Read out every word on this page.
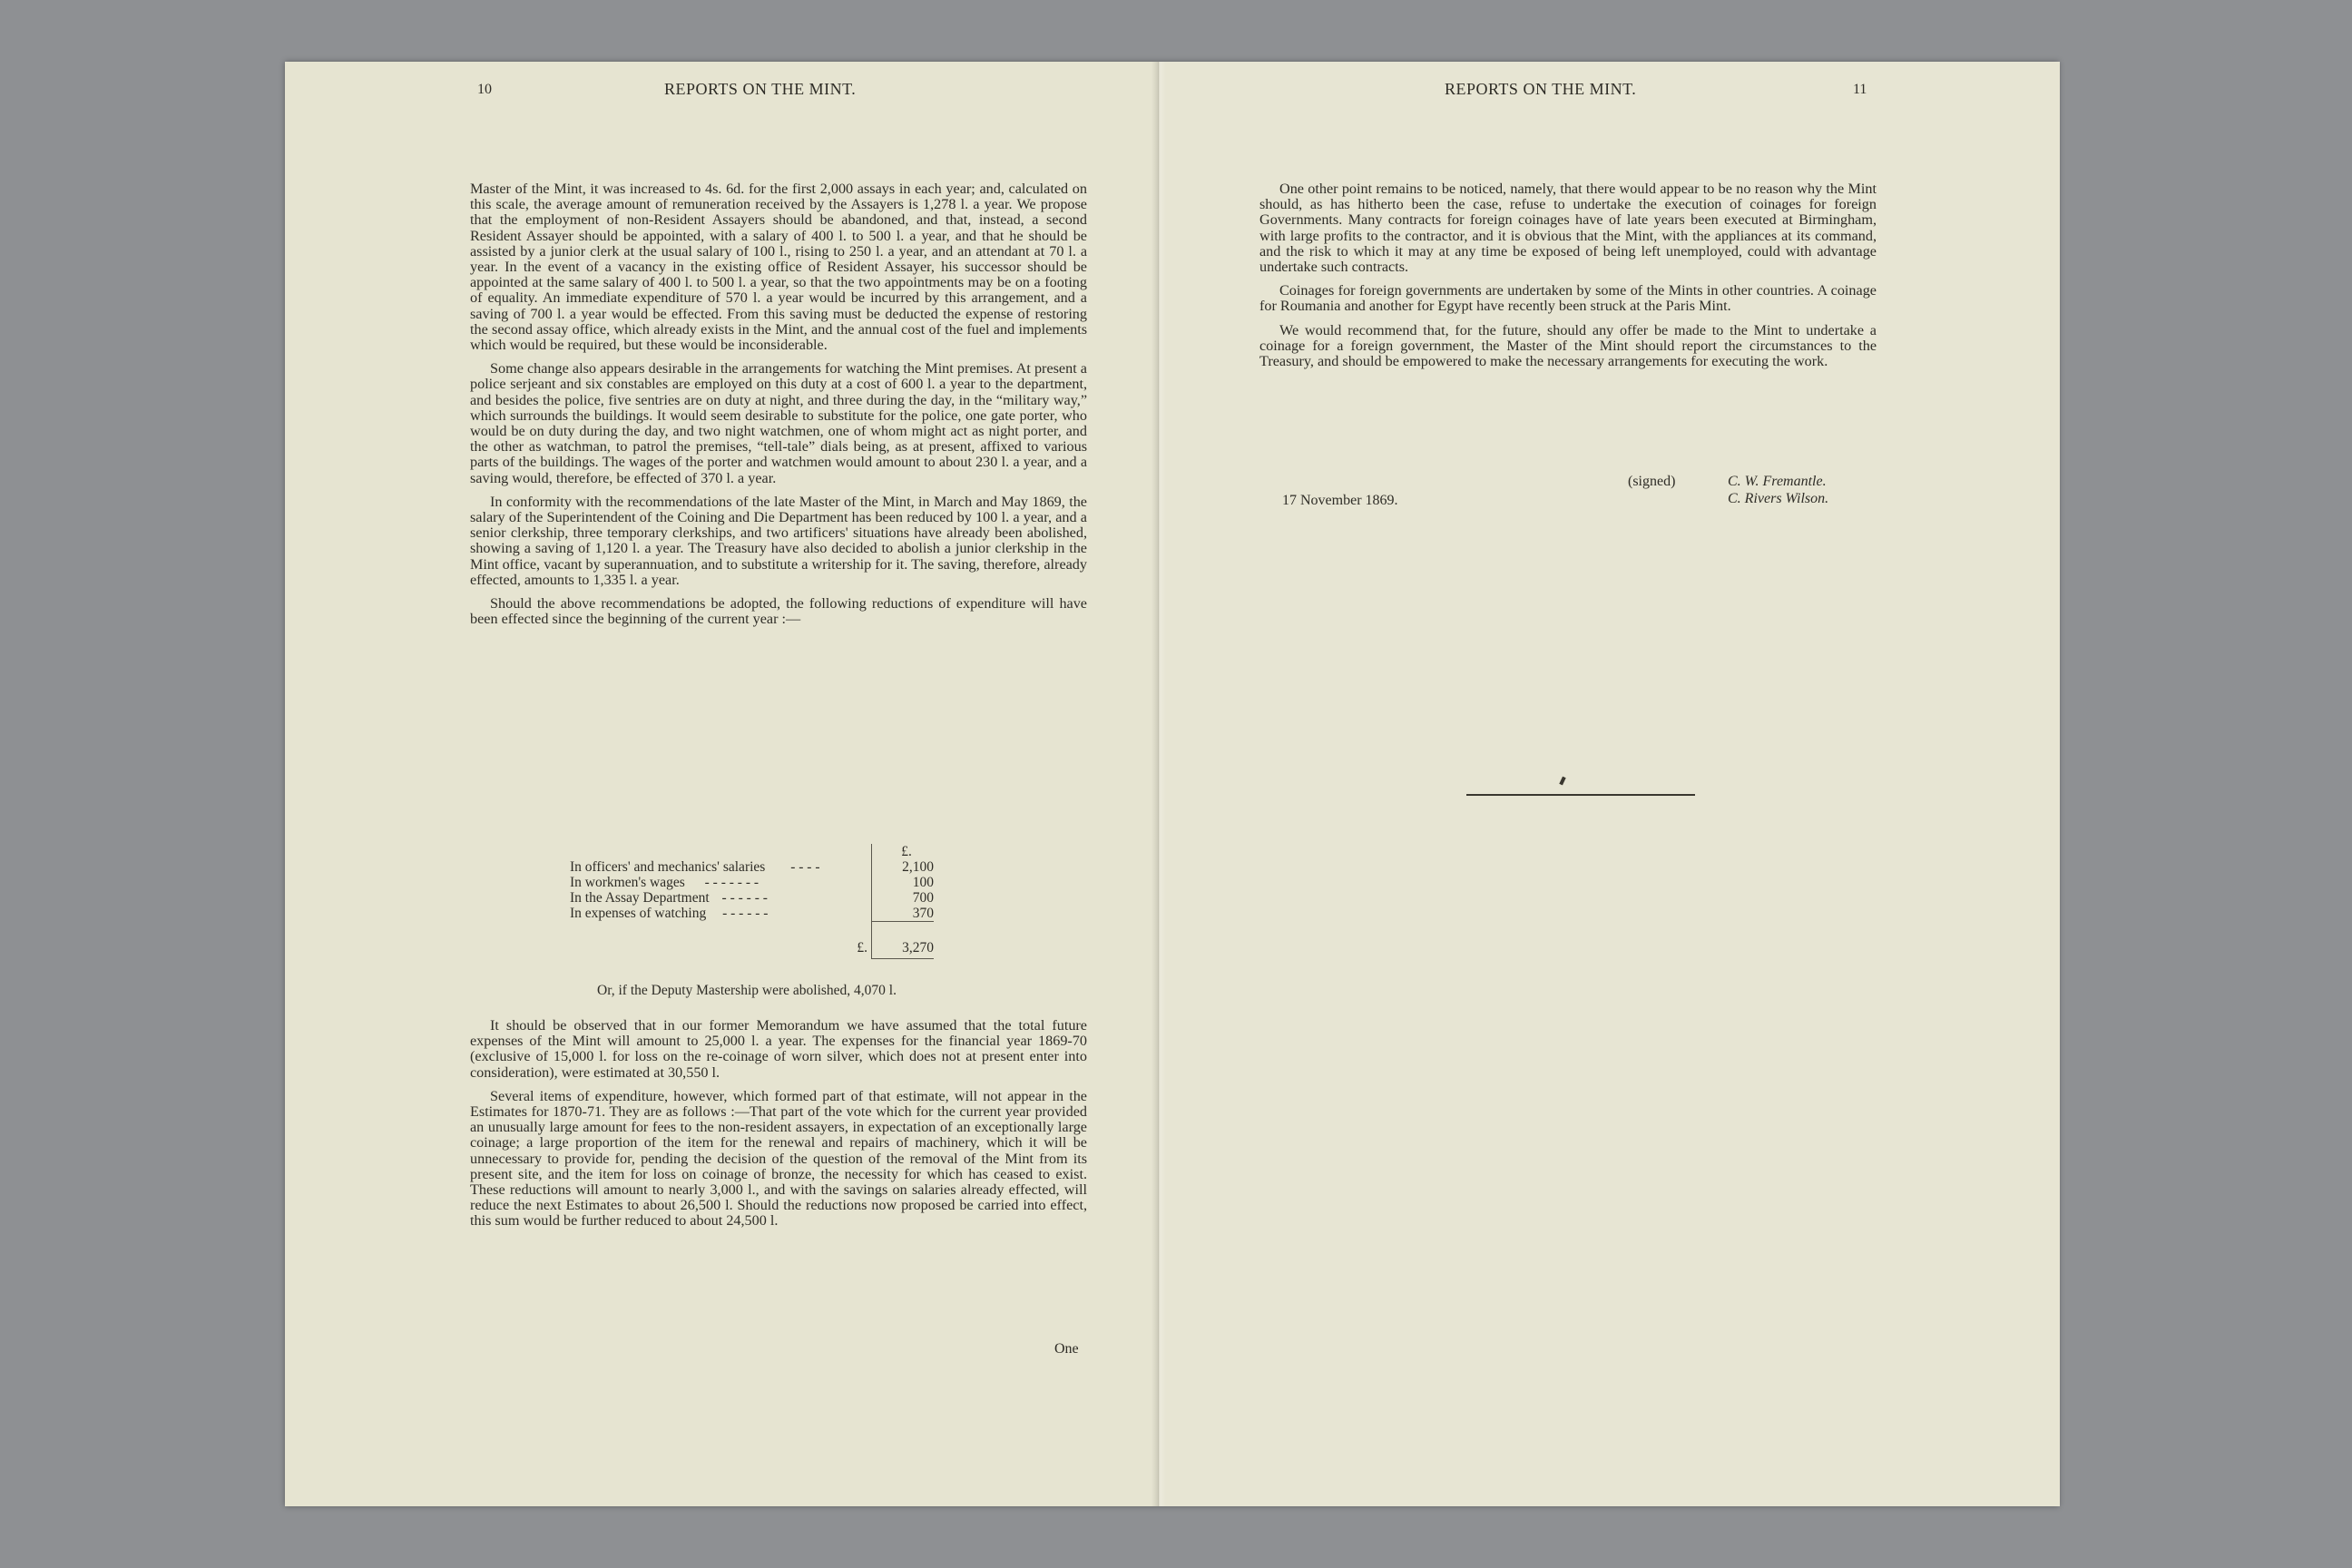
10	REPORTS ON THE MINT.

Master of the Mint, it was increased to 4s. 6d. for the first 2,000 assays in each year; and, calculated on this scale, the average amount of remuneration received by the Assayers is 1,278 l. a year. We propose that the employment of non-Resident Assayers should be abandoned, and that, instead, a second Resident Assayer should be appointed, with a salary of 400 l. to 500 l. a year, and that he should be assisted by a junior clerk at the usual salary of 100 l., rising to 250 l. a year, and an attendant at 70 l. a year. In the event of a vacancy in the existing office of Resident Assayer, his successor should be appointed at the same salary of 400 l. to 500 l. a year, so that the two appointments may be on a footing of equality. An immediate expenditure of 570 l. a year would be incurred by this arrangement, and a saving of 700 l. a year would be effected. From this saving must be deducted the expense of restoring the second assay office, which already exists in the Mint, and the annual cost of the fuel and implements which would be required, but these would be inconsiderable.

Some change also appears desirable in the arrangements for watching the Mint premises. At present a police serjeant and six constables are employed on this duty at a cost of 600 l. a year to the department, and besides the police, five sentries are on duty at night, and three during the day, in the “military way,” which surrounds the buildings. It would seem desirable to substitute for the police, one gate porter, who would be on duty during the day, and two night watchmen, one of whom might act as night porter, and the other as watchman, to patrol the premises, “tell-tale” dials being, as at present, affixed to various parts of the buildings. The wages of the porter and watchmen would amount to about 230 l. a year, and a saving would, therefore, be effected of 370 l. a year.

In conformity with the recommendations of the late Master of the Mint, in March and May 1869, the salary of the Superintendent of the Coining and Die Department has been reduced by 100 l. a year, and a senior clerkship, three temporary clerkships, and two artificers' situations have already been abolished, showing a saving of 1,120 l. a year. The Treasury have also decided to abolish a junior clerkship in the Mint office, vacant by superannuation, and to substitute a writership for it. The saving, therefore, already effected, amounts to 1,335 l. a year.

Should the above recommendations be adopted, the following reductions of expenditure will have been effected since the beginning of the current year :—

		£.
In officers' and mechanics' salaries - - - -		2,100
In workmen's wages - - - - - - -		100
In the Assay Department - - - - - -		700
In expenses of watching - - - - - -		370
	£.	3,270
Or, if the Deputy Mastership were abolished, 4,070 l.

It should be observed that in our former Memorandum we have assumed that the total future expenses of the Mint will amount to 25,000 l. a year. The expenses for the financial year 1869-70 (exclusive of 15,000 l. for loss on the re-coinage of worn silver, which does not at present enter into consideration), were estimated at 30,550 l.

Several items of expenditure, however, which formed part of that estimate, will not appear in the Estimates for 1870-71. They are as follows :—That part of the vote which for the current year provided an unusually large amount for fees to the non-resident assayers, in expectation of an exceptionally large coinage; a large proportion of the item for the renewal and repairs of machinery, which it will be unnecessary to provide for, pending the decision of the question of the removal of the Mint from its present site, and the item for loss on coinage of bronze, the necessity for which has ceased to exist. These reductions will amount to nearly 3,000 l., and with the savings on salaries already effected, will reduce the next Estimates to about 26,500 l. Should the reductions now proposed be carried into effect, this sum would be further reduced to about 24,500 l.

One
REPORTS ON THE MINT.	11

One other point remains to be noticed, namely, that there would appear to be no reason why the Mint should, as has hitherto been the case, refuse to undertake the execution of coinages for foreign Governments. Many contracts for foreign coinages have of late years been executed at Birmingham, with large profits to the contractor, and it is obvious that the Mint, with the appliances at its command, and the risk to which it may at any time be exposed of being left unemployed, could with advantage undertake such contracts.

Coinages for foreign governments are undertaken by some of the Mints in other countries. A coinage for Roumania and another for Egypt have recently been struck at the Paris Mint.

We would recommend that, for the future, should any offer be made to the Mint to undertake a coinage for a foreign government, the Master of the Mint should report the circumstances to the Treasury, and should be empowered to make the necessary arrangements for executing the work.

(signed)	C. W. Fremantle.
C. Rivers Wilson.
17 November 1869.
